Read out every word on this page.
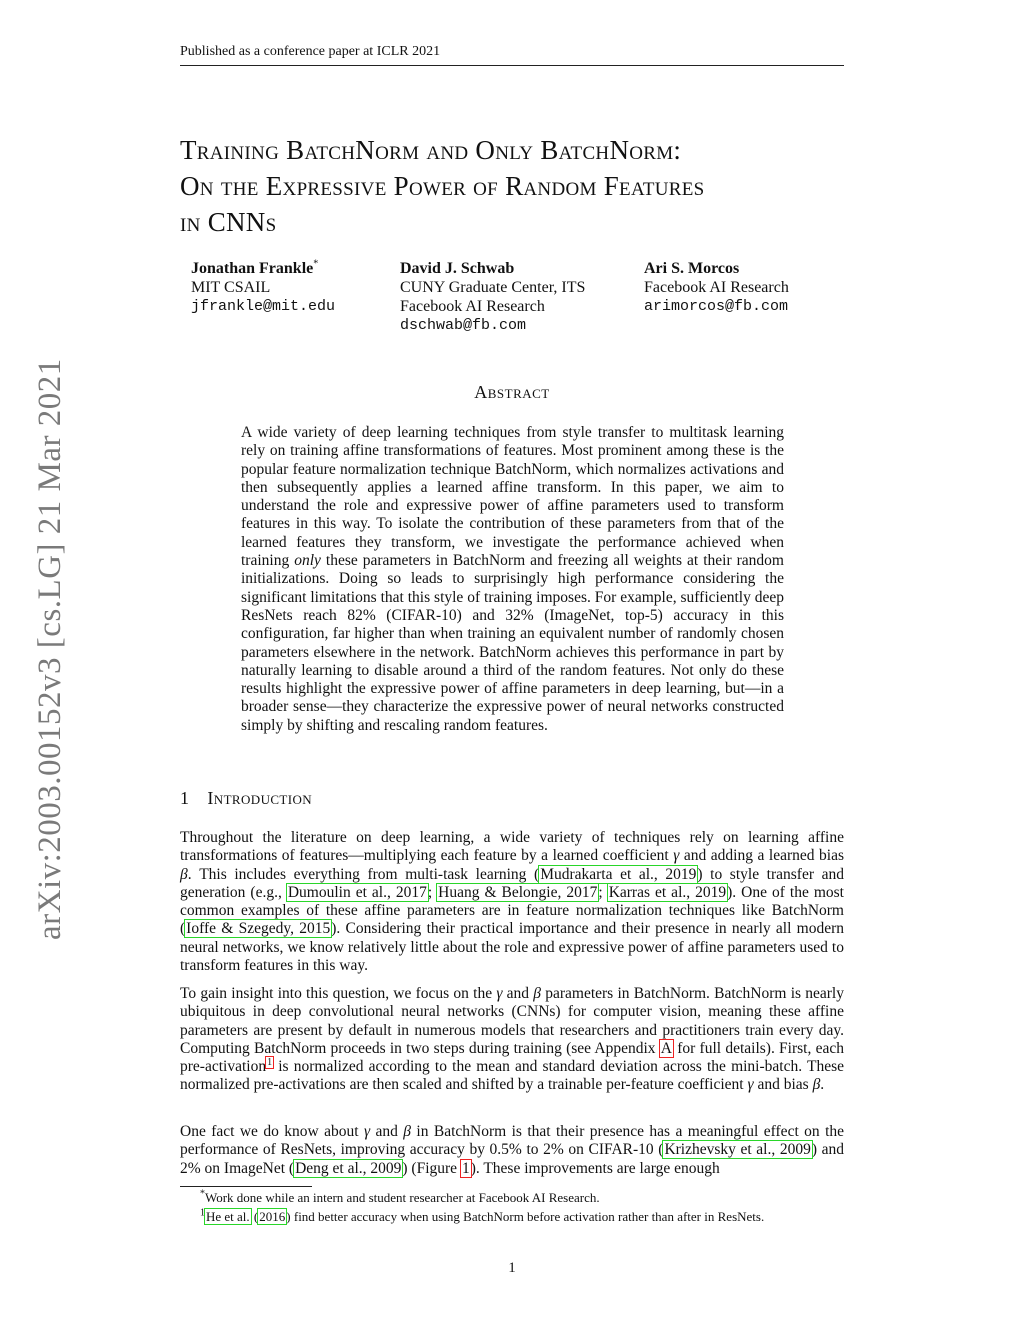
Published as a conference paper at ICLR 2021
arXiv:2003.00152v3 [cs.LG] 21 Mar 2021
Training BatchNorm and Only BatchNorm:
On the Expressive Power of Random Features
in CNNs
Jonathan Frankle*
MIT CSAIL
jfrankle@mit.edu
David J. Schwab
CUNY Graduate Center, ITS
Facebook AI Research
dschwab@fb.com
Ari S. Morcos
Facebook AI Research
arimorcos@fb.com
Abstract
A wide variety of deep learning techniques from style transfer to multitask learning rely on training affine transformations of features. Most prominent among these is the popular feature normalization technique BatchNorm, which normalizes activations and then subsequently applies a learned affine transform. In this paper, we aim to understand the role and expressive power of affine parameters used to transform features in this way. To isolate the contribution of these parameters from that of the learned features they transform, we investigate the performance achieved when training only these parameters in BatchNorm and freezing all weights at their random initializations. Doing so leads to surprisingly high performance considering the significant limitations that this style of training imposes. For example, sufficiently deep ResNets reach 82% (CIFAR-10) and 32% (ImageNet, top-5) accuracy in this configuration, far higher than when training an equivalent number of randomly chosen parameters elsewhere in the network. BatchNorm achieves this performance in part by naturally learning to disable around a third of the random features. Not only do these results highlight the expressive power of affine parameters in deep learning, but—in a broader sense—they characterize the expressive power of neural networks constructed simply by shifting and rescaling random features.
1 Introduction
Throughout the literature on deep learning, a wide variety of techniques rely on learning affine transformations of features—multiplying each feature by a learned coefficient γ and adding a learned bias β. This includes everything from multi-task learning (Mudrakarta et al., 2019) to style transfer and generation (e.g., Dumoulin et al., 2017; Huang & Belongie, 2017; Karras et al., 2019). One of the most common examples of these affine parameters are in feature normalization techniques like BatchNorm (Ioffe & Szegedy, 2015). Considering their practical importance and their presence in nearly all modern neural networks, we know relatively little about the role and expressive power of affine parameters used to transform features in this way.
To gain insight into this question, we focus on the γ and β parameters in BatchNorm. BatchNorm is nearly ubiquitous in deep convolutional neural networks (CNNs) for computer vision, meaning these affine parameters are present by default in numerous models that researchers and practitioners train every day. Computing BatchNorm proceeds in two steps during training (see Appendix A for full details). First, each pre-activation$^1$ is normalized according to the mean and standard deviation across the mini-batch. These normalized pre-activations are then scaled and shifted by a trainable per-feature coefficient γ and bias β.
One fact we do know about γ and β in BatchNorm is that their presence has a meaningful effect on the performance of ResNets, improving accuracy by 0.5% to 2% on CIFAR-10 (Krizhevsky et al., 2009) and 2% on ImageNet (Deng et al., 2009) (Figure 1). These improvements are large enough
*Work done while an intern and student researcher at Facebook AI Research.
$^1$He et al. (2016) find better accuracy when using BatchNorm before activation rather than after in ResNets.
1
